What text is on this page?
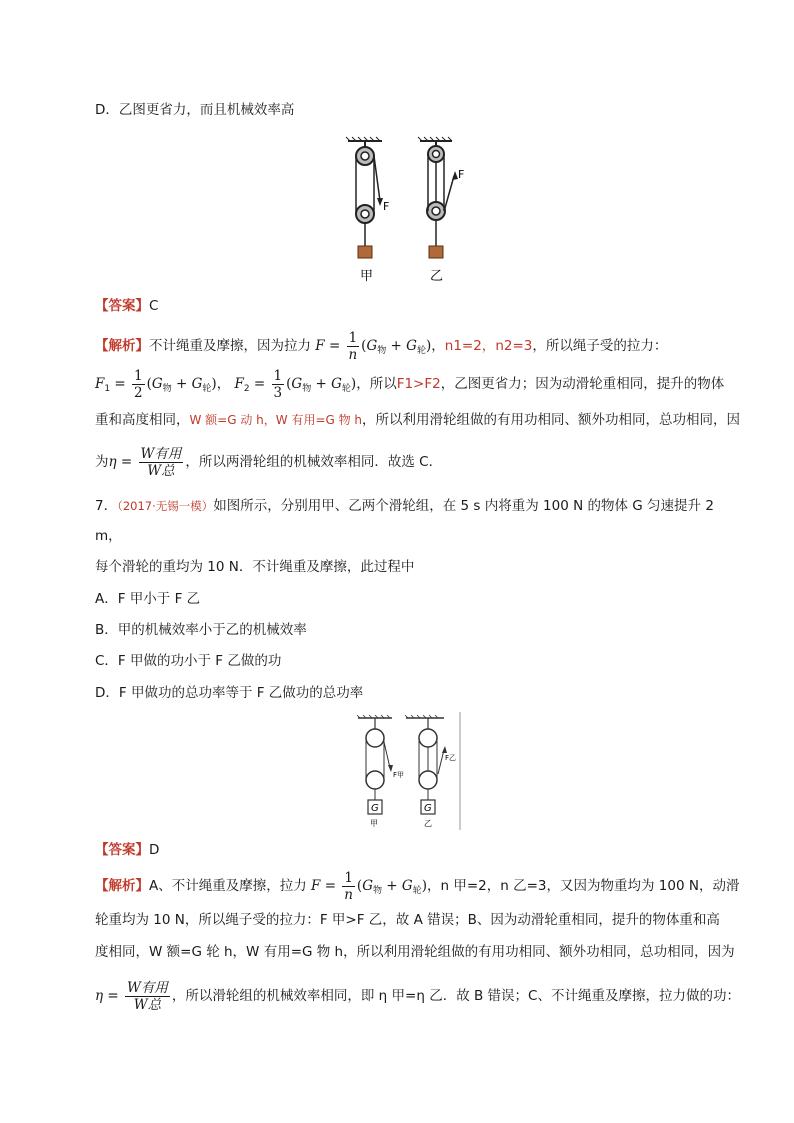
D．乙图更省力，而且机械效率高
F
甲
F
乙
【答案】C
【解析】不计绳重及摩擦，因为拉力 $F = \frac{1}{n} (G_物 + G_轮)$，n1=2，n2=3，所以绳子受的拉力：
$F_1 = \frac{1}{2} (G_物 + G_轮)$， $F_2 = \frac{1}{3} (G_物 + G_轮)$，所以F1>F2，乙图更省力；因为动滑轮重相同，提升的物体
重和高度相同，W 额=G 动 h，W 有用=G 物 h，所以利用滑轮组做的有用功相同、额外功相同，总功相同，因
为$\eta = \frac{\text{W有用}}{\text{W总}}$ ，所以两滑轮组的机械效率相同．故选 C．
7．（2017·无锡一模）如图所示，分别用甲、乙两个滑轮组，在 5 s 内将重为 100 N 的物体 G 匀速提升 2
m，
每个滑轮的重均为 10 N．不计绳重及摩擦，此过程中
A．F 甲小于 F 乙
B．甲的机械效率小于乙的机械效率
C．F 甲做的功小于 F 乙做的功
D．F 甲做功的总功率等于 F 乙做功的总功率
F甲
G
甲
F乙
G
乙
【答案】D
【解析】A、不计绳重及摩擦，拉力 $F = \frac{1}{n} (G_物 + G_轮)$，n 甲=2，n 乙=3，又因为物重均为 100 N，动滑
轮重均为 10 N，所以绳子受的拉力：F 甲>F 乙，故 A 错误；B、因为动滑轮重相同，提升的物体重和高
度相同，W 额=G 轮 h，W 有用=G 物 h，所以利用滑轮组做的有用功相同、额外功相同，总功相同，因为
$\eta = \frac{\text{W有用}}{\text{W总}}$ ，所以滑轮组的机械效率相同，即 η 甲=η 乙．故 B 错误；C、不计绳重及摩擦，拉力做的功：
